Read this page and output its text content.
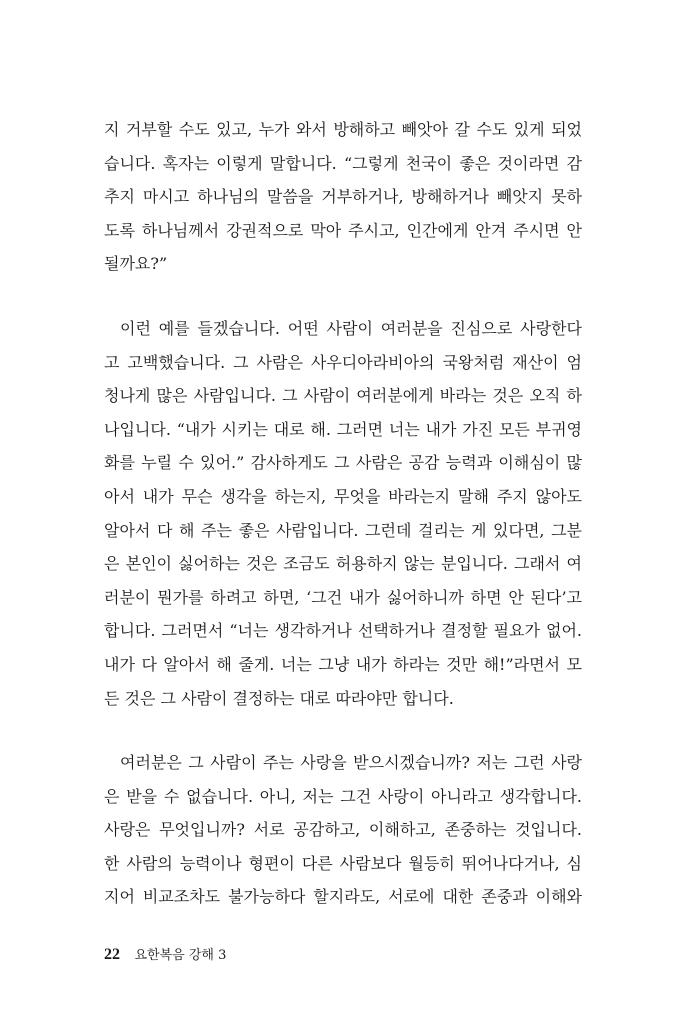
지 거부할 수도 있고, 누가 와서 방해하고 빼앗아 갈 수도 있게 되었
습니다. 혹자는 이렇게 말합니다. “그렇게 천국이 좋은 것이라면 감
추지 마시고 하나님의 말씀을 거부하거나, 방해하거나 빼앗지 못하
도록 하나님께서 강권적으로 막아 주시고, 인간에게 안겨 주시면 안
될까요?”
이런 예를 들겠습니다. 어떤 사람이 여러분을 진심으로 사랑한다
고 고백했습니다. 그 사람은 사우디아라비아의 국왕처럼 재산이 엄
청나게 많은 사람입니다. 그 사람이 여러분에게 바라는 것은 오직 하
나입니다. “내가 시키는 대로 해. 그러면 너는 내가 가진 모든 부귀영
화를 누릴 수 있어.” 감사하게도 그 사람은 공감 능력과 이해심이 많
아서 내가 무슨 생각을 하는지, 무엇을 바라는지 말해 주지 않아도
알아서 다 해 주는 좋은 사람입니다. 그런데 걸리는 게 있다면, 그분
은 본인이 싫어하는 것은 조금도 허용하지 않는 분입니다. 그래서 여
러분이 뭔가를 하려고 하면, ‘그건 내가 싫어하니까 하면 안 된다’고
합니다. 그러면서 “너는 생각하거나 선택하거나 결정할 필요가 없어.
내가 다 알아서 해 줄게. 너는 그냥 내가 하라는 것만 해!”라면서 모
든 것은 그 사람이 결정하는 대로 따라야만 합니다.
여러분은 그 사람이 주는 사랑을 받으시겠습니까? 저는 그런 사랑
은 받을 수 없습니다. 아니, 저는 그건 사랑이 아니라고 생각합니다.
사랑은 무엇입니까? 서로 공감하고, 이해하고, 존중하는 것입니다.
한 사람의 능력이나 형편이 다른 사람보다 월등히 뛰어나다거나, 심
지어 비교조차도 불가능하다 할지라도, 서로에 대한 존중과 이해와
22 요한복음 강해 3
